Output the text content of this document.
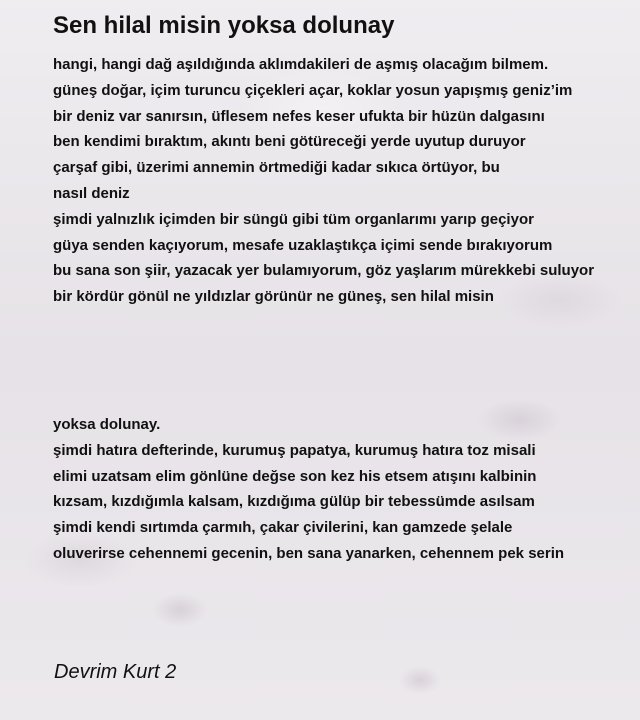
Sen hilal misin yoksa dolunay
hangi, hangi dağ aşıldığında aklımdakileri de aşmış olacağım bilmem.
güneş doğar, içim turuncu çiçekleri açar, koklar yosun yapışmış geniz’im
bir deniz var sanırsın, üflesem nefes keser ufukta bir hüzün dalgasını
ben kendimi bıraktım, akıntı beni götüreceği yerde uyutup duruyor
çarşaf gibi, üzerimi annemin örtmediği kadar sıkıca örtüyor, bu
nasıl deniz
şimdi yalnızlık içimden bir süngü gibi tüm organlarımı yarıp geçiyor
güya senden kaçıyorum, mesafe uzaklaştıkça içimi sende bırakıyorum
bu sana son şiir, yazacak yer bulamıyorum, göz yaşlarım mürekkebi suluyor
bir kördür gönül ne yıldızlar görünür ne güneş, sen hilal misin
yoksa dolunay.
şimdi hatıra defterinde, kurumuş papatya, kurumuş hatıra toz misali
elimi uzatsam elim gönlüne değse son kez his etsem atışını kalbinin
kızsam, kızdığımla kalsam, kızdığıma gülüp bir tebessümde asılsam
şimdi kendi sırtımda çarmıh, çakar çivilerini, kan gamzede şelale
oluverirse cehennemi gecenin, ben sana yanarken, cehennem pek serin

Devrim Kurt 2
